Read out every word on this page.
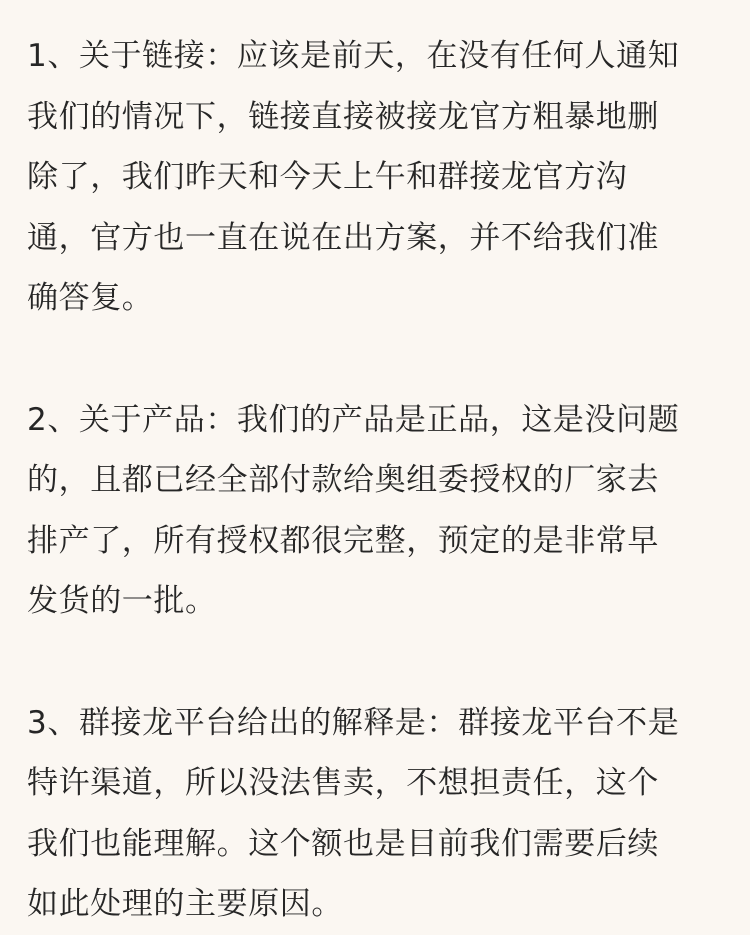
1、关于链接：应该是前天，在没有任何人通知
我们的情况下，链接直接被接龙官方粗暴地删
除了，我们昨天和今天上午和群接龙官方沟
通，官方也一直在说在出方案，并不给我们准
确答复。
2、关于产品：我们的产品是正品，这是没问题
的，且都已经全部付款给奥组委授权的厂家去
排产了，所有授权都很完整，预定的是非常早
发货的一批。
3、群接龙平台给出的解释是：群接龙平台不是
特许渠道，所以没法售卖，不想担责任，这个
我们也能理解。这个额也是目前我们需要后续
如此处理的主要原因。
